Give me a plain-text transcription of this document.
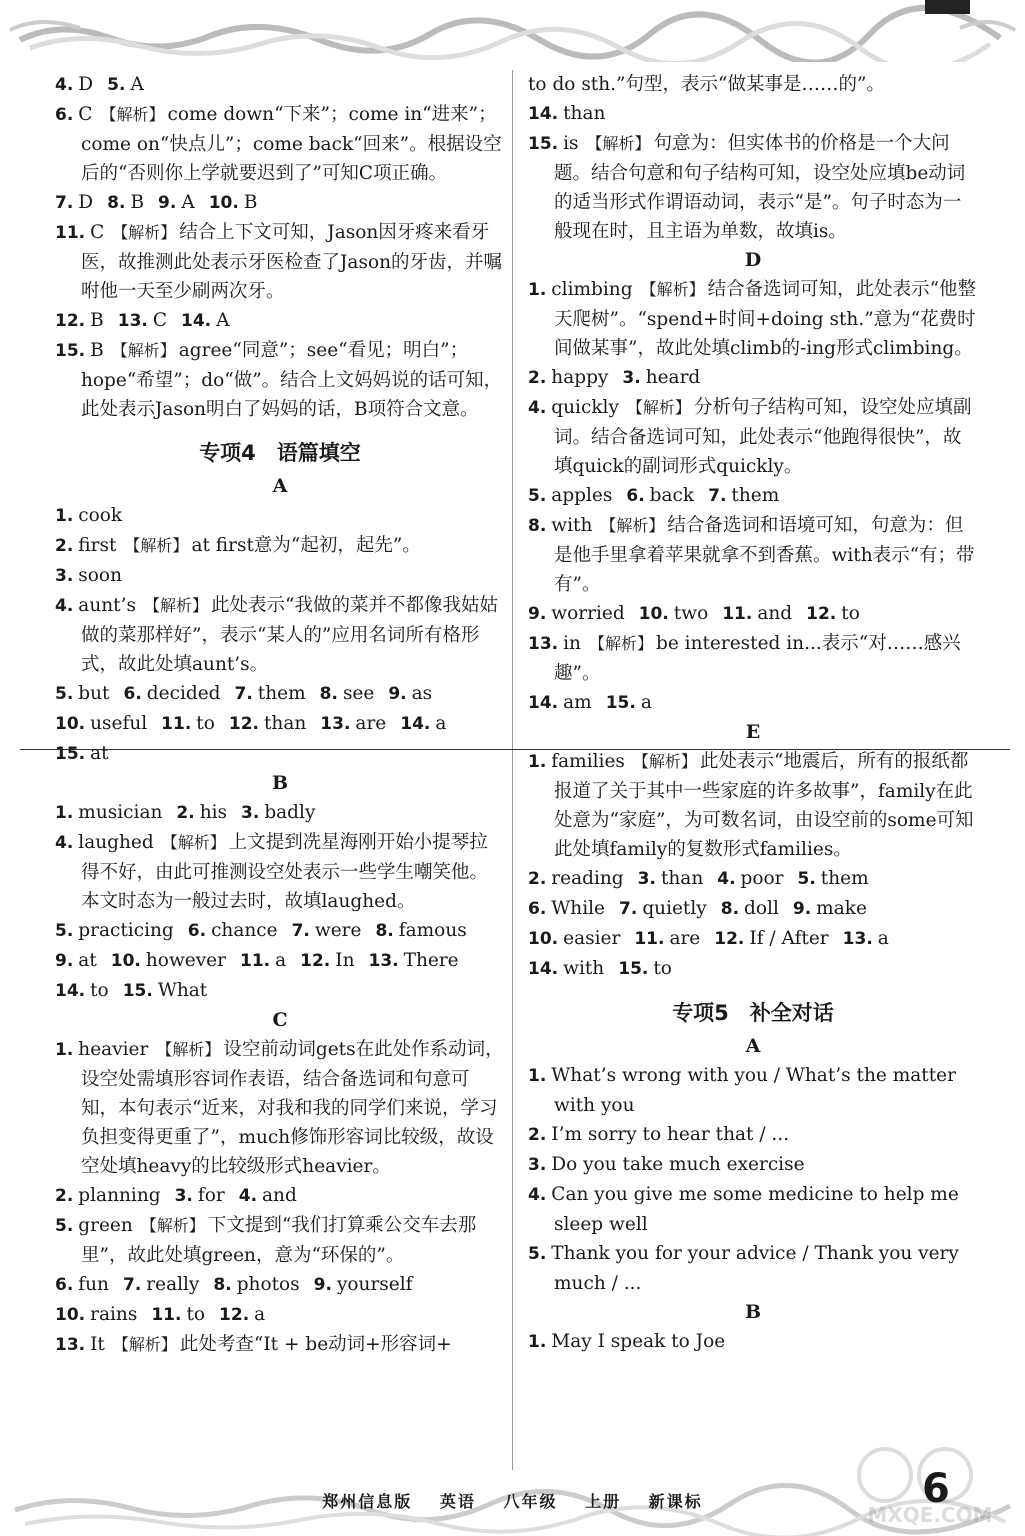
4. D 5. A
6. C 【解析】 come down“下来”；come in“进来”；come on“快点儿”；come back“回来”。根据设空后的“否则你上学就要迟到了”可知C项正确。
7. D 8. B 9. A 10. B
11. C 【解析】 结合上下文可知，Jason因牙疼来看牙医，故推测此处表示牙医检查了Jason的牙齿，并嘱咐他一天至少刷两次牙。
12. B 13. C 14. A
15. B 【解析】 agree“同意”；see“看见；明白”；hope“希望”；do“做”。结合上文妈妈说的话可知，此处表示Jason明白了妈妈的话，B项符合文意。
专项4　语篇填空
A
1. cook
2. first 【解析】 at first意为“起初，起先”。
3. soon
4. aunt’s 【解析】 此处表示“我做的菜并不都像我姑姑做的菜那样好”，表示“某人的”应用名词所有格形式，故此处填aunt’s。
5. but 6. decided 7. them 8. see 9. as
10. useful 11. to 12. than 13. are 14. a
15. at
B
1. musician 2. his 3. badly
4. laughed 【解析】 上文提到冼星海刚开始小提琴拉得不好，由此可推测设空处表示一些学生嘲笑他。本文时态为一般过去时，故填laughed。
5. practicing 6. chance 7. were 8. famous
9. at 10. however 11. a 12. In 13. There
14. to 15. What
C
1. heavier 【解析】 设空前动词gets在此处作系动词，设空处需填形容词作表语，结合备选词和句意可知，本句表示“近来，对我和我的同学们来说，学习负担变得更重了”，much修饰形容词比较级，故设空处填heavy的比较级形式heavier。
2. planning 3. for 4. and
5. green 【解析】 下文提到“我们打算乘公交车去那里”，故此处填green，意为“环保的”。
6. fun 7. really 8. photos 9. yourself
10. rains 11. to 12. a
13. It 【解析】 此处考查“It + be动词+形容词+
to do sth.”句型，表示“做某事是……的”。
14. than
15. is 【解析】 句意为：但实体书的价格是一个大问题。结合句意和句子结构可知，设空处应填be动词的适当形式作谓语动词，表示“是”。句子时态为一般现在时，且主语为单数，故填is。
D
1. climbing 【解析】 结合备选词可知，此处表示“他整天爬树”。“spend+时间+doing sth.”意为“花费时间做某事”，故此处填climb的-ing形式climbing。
2. happy 3. heard
4. quickly 【解析】 分析句子结构可知，设空处应填副词。结合备选词可知，此处表示“他跑得很快”，故填quick的副词形式quickly。
5. apples 6. back 7. them
8. with 【解析】 结合备选词和语境可知，句意为：但是他手里拿着苹果就拿不到香蕉。with表示“有；带有”。
9. worried 10. two 11. and 12. to
13. in 【解析】 be interested in...表示“对……感兴趣”。
14. am 15. a
E
1. families 【解析】 此处表示“地震后，所有的报纸都报道了关于其中一些家庭的许多故事”，family在此处意为“家庭”，为可数名词，由设空前的some可知此处填family的复数形式families。
2. reading 3. than 4. poor 5. them
6. While 7. quietly 8. doll 9. make
10. easier 11. are 12. If / After 13. a
14. with 15. to
专项5　补全对话
A
1. What’s wrong with you / What’s the matter with you
2. I’m sorry to hear that / ...
3. Do you take much exercise
4. Can you give me some medicine to help me sleep well
5. Thank you for your advice / Thank you very much / ...
B
1. May I speak to Joe
郑州信息版 英语 八年级 上册 新课标
MXQE.COM
6
